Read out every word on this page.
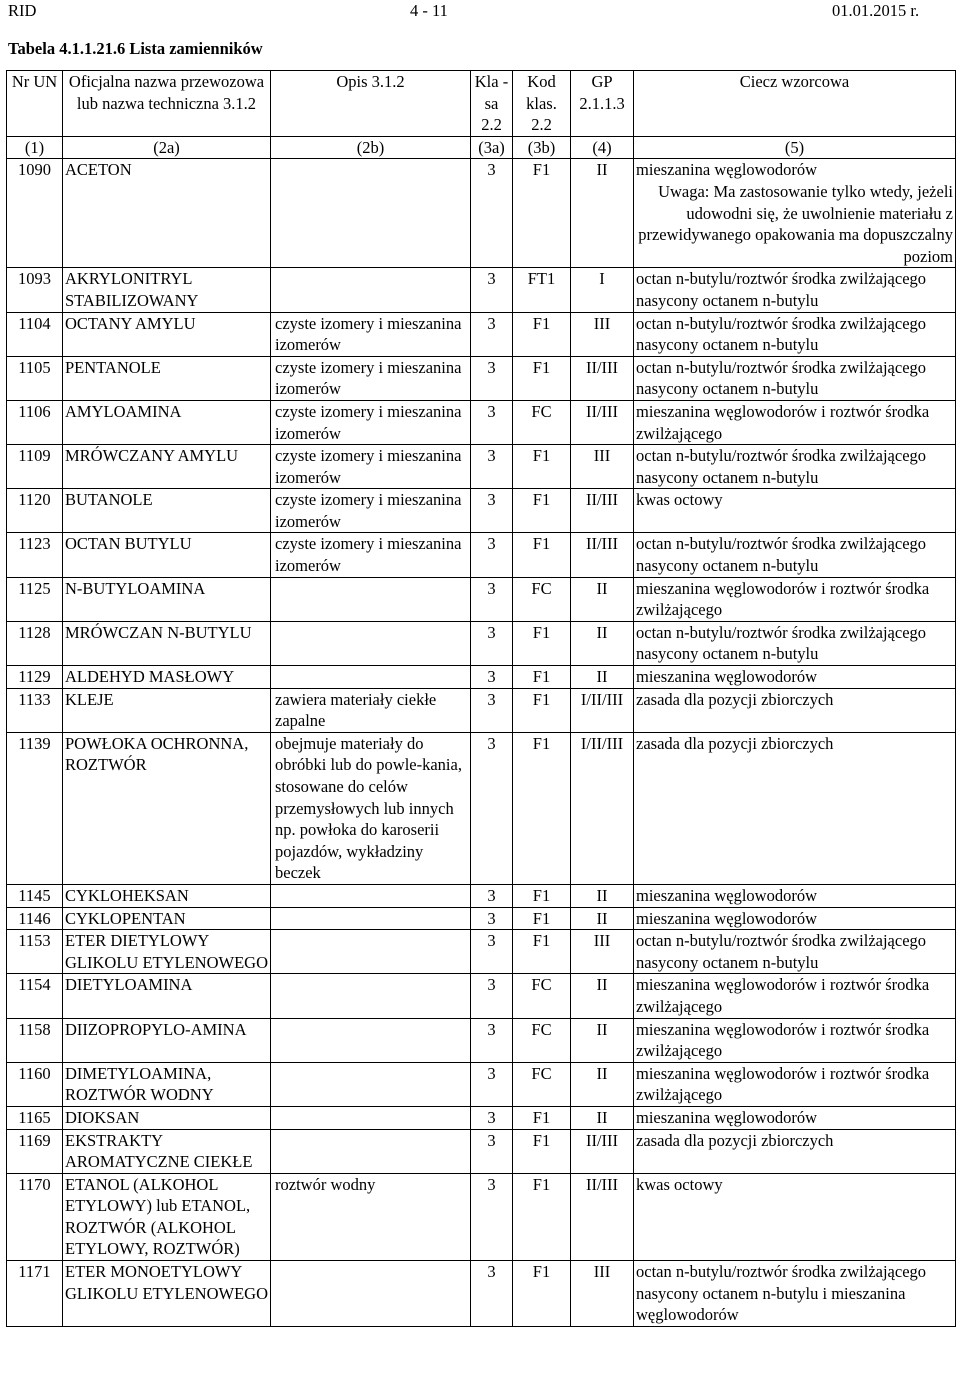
RID	4 - 11	01.01.2015 r.
Tabela 4.1.1.21.6 Lista zamienników
Nr UN	Oficjalna nazwa przewozowa lub nazwa techniczna 3.1.2	Opis 3.1.2	Kla -sa 2.2	Kod klas. 2.2	GP 2.1.1.3	Ciecz wzorcowa
(1)	(2a)	(2b)	(3a)	(3b)	(4)	(5)
1090	ACETON		3	F1	II	mieszanina węglowodorów
Uwaga: Ma zastosowanie tylko wtedy, jeżeli udowodni się, że uwolnienie materiału z przewidywanego opakowania ma dopuszczalny poziom

1093	AKRYLONITRYL STABILIZOWANY		3	FT1	I	octan n-butylu/roztwór środka zwilżającego nasycony octanem n-butylu
1104	OCTANY AMYLU	czyste izomery i mieszanina izomerów	3	F1	III	octan n-butylu/roztwór środka zwilżającego nasycony octanem n-butylu
1105	PENTANOLE	czyste izomery i mieszanina izomerów	3	F1	II/III	octan n-butylu/roztwór środka zwilżającego nasycony octanem n-butylu
1106	AMYLOAMINA	czyste izomery i mieszanina izomerów	3	FC	II/III	mieszanina węglowodorów i roztwór środka zwilżającego
1109	MRÓWCZANY AMYLU	czyste izomery i mieszanina izomerów	3	F1	III	octan n-butylu/roztwór środka zwilżającego nasycony octanem n-butylu
1120	BUTANOLE	czyste izomery i mieszanina izomerów	3	F1	II/III	kwas octowy
1123	OCTAN BUTYLU	czyste izomery i mieszanina izomerów	3	F1	II/III	octan n-butylu/roztwór środka zwilżającego nasycony octanem n-butylu
1125	N-BUTYLOAMINA		3	FC	II	mieszanina węglowodorów i roztwór środka zwilżającego
1128	MRÓWCZAN N-BUTYLU		3	F1	II	octan n-butylu/roztwór środka zwilżającego nasycony octanem n-butylu
1129	ALDEHYD MASŁOWY		3	F1	II	mieszanina węglowodorów
1133	KLEJE	zawiera materiały ciekłe zapalne	3	F1	I/II/III	zasada dla pozycji zbiorczych
1139	POWŁOKA OCHRONNA, ROZTWÓR	obejmuje materiały do obróbki lub do powle-kania, stosowane do celów przemysłowych lub innych np. powłoka do karoserii pojazdów, wykładziny beczek	3	F1	I/II/III	zasada dla pozycji zbiorczych
1145	CYKLOHEKSAN		3	F1	II	mieszanina węglowodorów
1146	CYKLOPENTAN		3	F1	II	mieszanina węglowodorów
1153	ETER DIETYLOWY GLIKOLU ETYLENOWEGO		3	F1	III	octan n-butylu/roztwór środka zwilżającego nasycony octanem n-butylu
1154	DIETYLOAMINA		3	FC	II	mieszanina węglowodorów i roztwór środka zwilżającego
1158	DIIZOPROPYLO-AMINA		3	FC	II	mieszanina węglowodorów i roztwór środka zwilżającego
1160	DIMETYLOAMINA, ROZTWÓR WODNY		3	FC	II	mieszanina węglowodorów i roztwór środka zwilżającego
1165	DIOKSAN		3	F1	II	mieszanina węglowodorów
1169	EKSTRAKTY AROMATYCZNE CIEKŁE		3	F1	II/III	zasada dla pozycji zbiorczych
1170	ETANOL (ALKOHOL ETYLOWY) lub ETANOL, ROZTWÓR (ALKOHOL ETYLOWY, ROZTWÓR)	roztwór wodny	3	F1	II/III	kwas octowy
1171	ETER MONOETYLOWY GLIKOLU ETYLENOWEGO		3	F1	III	octan n-butylu/roztwór środka zwilżającego nasycony octanem n-butylu i mieszanina węglowodorów
